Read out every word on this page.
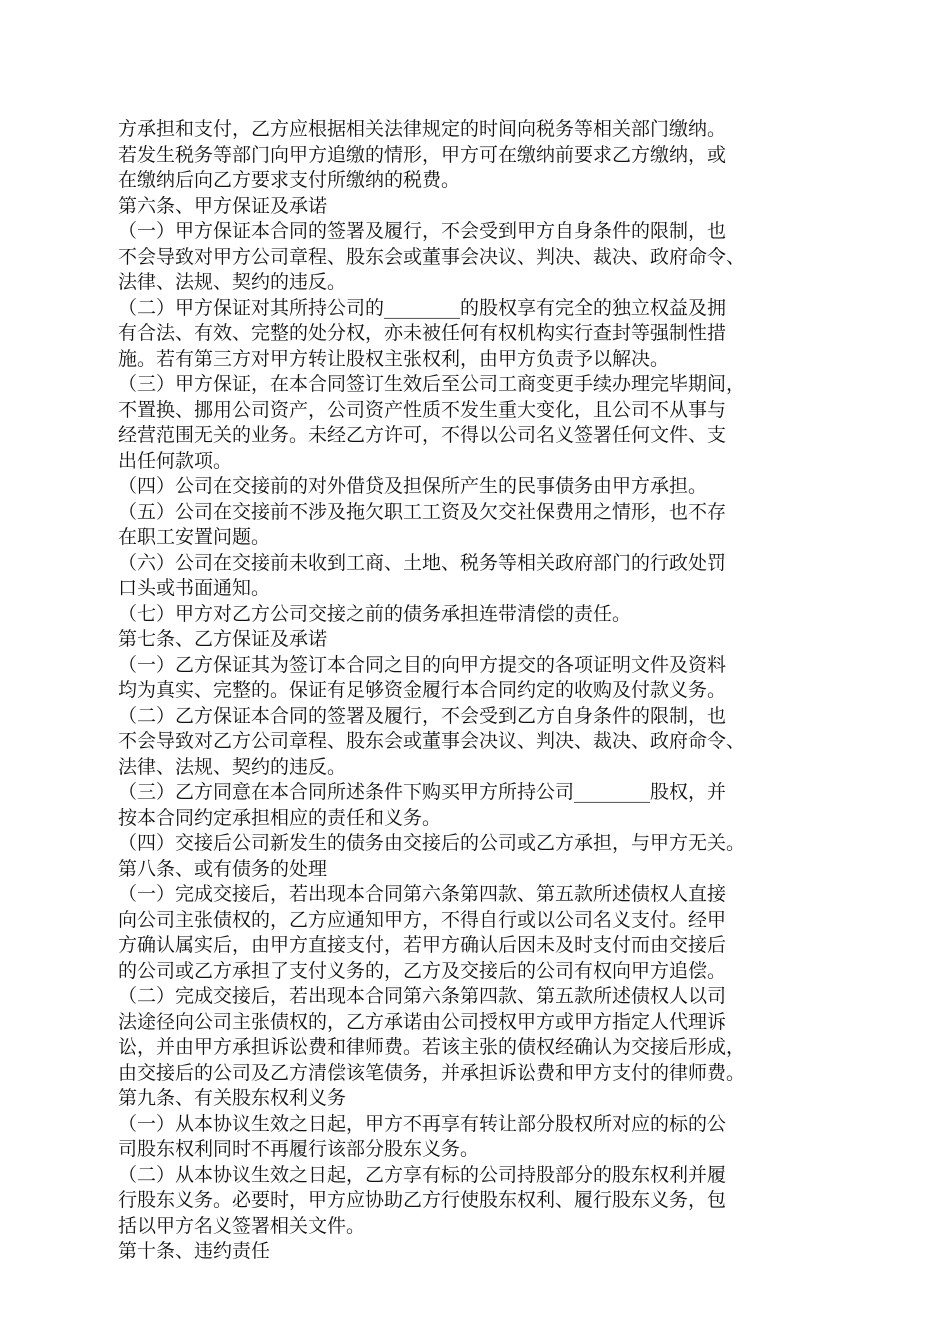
方承担和支付，乙方应根据相关法律规定的时间向税务等相关部门缴纳。
若发生税务等部门向甲方追缴的情形，甲方可在缴纳前要求乙方缴纳，或
在缴纳后向乙方要求支付所缴纳的税费。
第六条、甲方保证及承诺
（一）甲方保证本合同的签署及履行，不会受到甲方自身条件的限制，也
不会导致对甲方公司章程、股东会或董事会决议、判决、裁决、政府命令、
法律、法规、契约的违反。
（二）甲方保证对其所持公司的________的股权享有完全的独立权益及拥
有合法、有效、完整的处分权，亦未被任何有权机构实行查封等强制性措
施。若有第三方对甲方转让股权主张权利，由甲方负责予以解决。
（三）甲方保证，在本合同签订生效后至公司工商变更手续办理完毕期间，
不置换、挪用公司资产，公司资产性质不发生重大变化，且公司不从事与
经营范围无关的业务。未经乙方许可，不得以公司名义签署任何文件、支
出任何款项。
（四）公司在交接前的对外借贷及担保所产生的民事债务由甲方承担。
（五）公司在交接前不涉及拖欠职工工资及欠交社保费用之情形，也不存
在职工安置问题。
（六）公司在交接前未收到工商、土地、税务等相关政府部门的行政处罚
口头或书面通知。
（七）甲方对乙方公司交接之前的债务承担连带清偿的责任。
第七条、乙方保证及承诺
（一）乙方保证其为签订本合同之目的向甲方提交的各项证明文件及资料
均为真实、完整的。保证有足够资金履行本合同约定的收购及付款义务。
（二）乙方保证本合同的签署及履行，不会受到乙方自身条件的限制，也
不会导致对乙方公司章程、股东会或董事会决议、判决、裁决、政府命令、
法律、法规、契约的违反。
（三）乙方同意在本合同所述条件下购买甲方所持公司________股权，并
按本合同约定承担相应的责任和义务。
（四）交接后公司新发生的债务由交接后的公司或乙方承担，与甲方无关。
第八条、或有债务的处理
（一）完成交接后，若出现本合同第六条第四款、第五款所述债权人直接
向公司主张债权的，乙方应通知甲方，不得自行或以公司名义支付。经甲
方确认属实后，由甲方直接支付，若甲方确认后因未及时支付而由交接后
的公司或乙方承担了支付义务的，乙方及交接后的公司有权向甲方追偿。
（二）完成交接后，若出现本合同第六条第四款、第五款所述债权人以司
法途径向公司主张债权的，乙方承诺由公司授权甲方或甲方指定人代理诉
讼，并由甲方承担诉讼费和律师费。若该主张的债权经确认为交接后形成，
由交接后的公司及乙方清偿该笔债务，并承担诉讼费和甲方支付的律师费。
第九条、有关股东权利义务
（一）从本协议生效之日起，甲方不再享有转让部分股权所对应的标的公
司股东权利同时不再履行该部分股东义务。
（二）从本协议生效之日起，乙方享有标的公司持股部分的股东权利并履
行股东义务。必要时，甲方应协助乙方行使股东权利、履行股东义务，包
括以甲方名义签署相关文件。
第十条、违约责任
